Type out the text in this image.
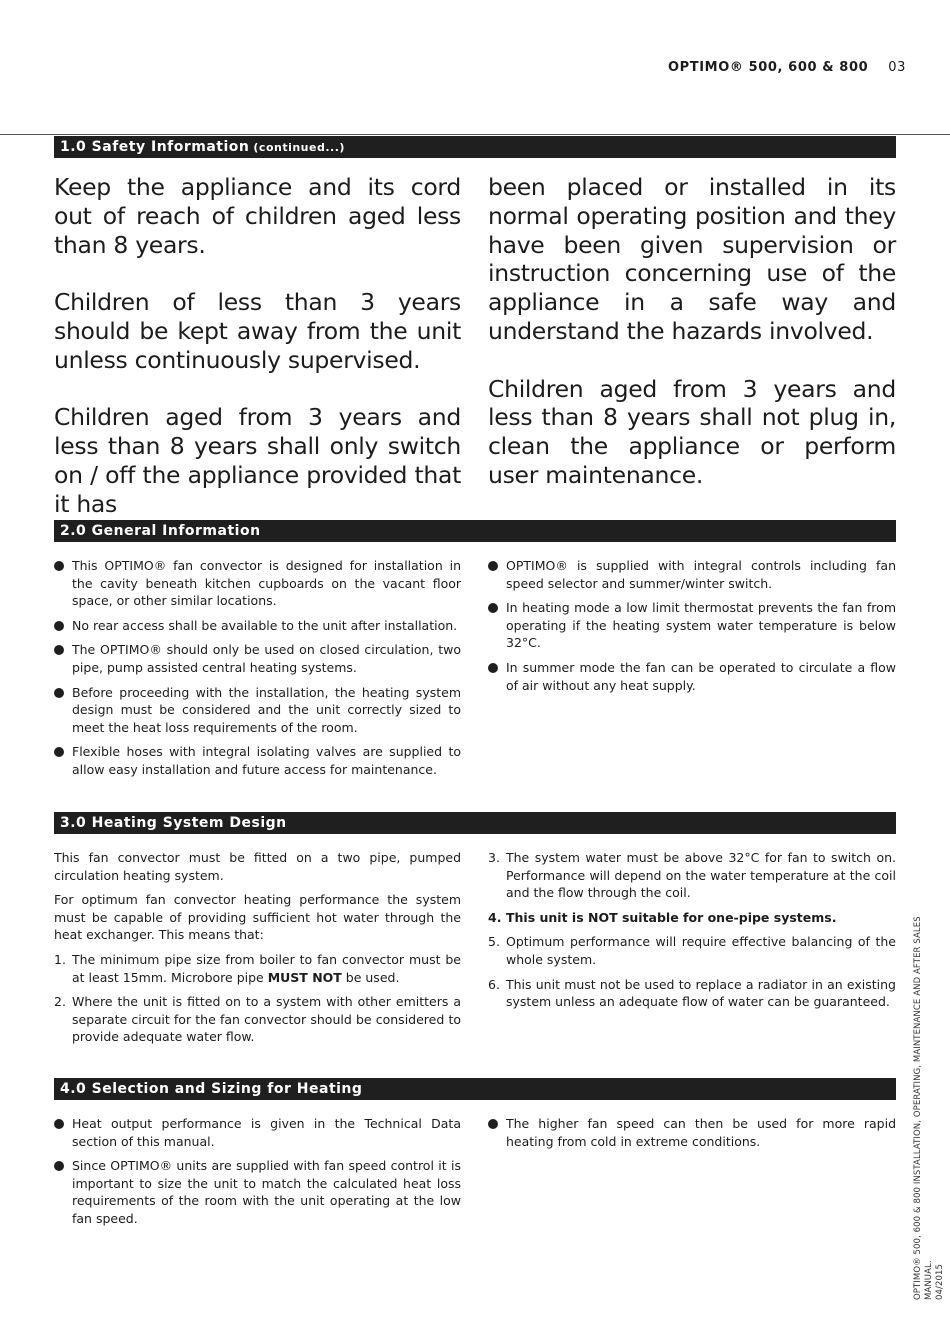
OPTIMO® 500, 600 & 800 03
1.0 Safety Information (continued...)

Keep the appliance and its cord out of reach of children aged less than 8 years.

Children of less than 3 years should be kept away from the unit unless continuously supervised.

Children aged from 3 years and less than 8 years shall only switch on / off the appliance provided that it has

been placed or installed in its normal operating position and they have been given supervision or instruction concerning use of the appliance in a safe way and understand the hazards involved.

Children aged from 3 years and less than 8 years shall not plug in, clean the appliance or perform user maintenance.

2.0 General Information
This OPTIMO® fan convector is designed for installation in the cavity beneath kitchen cupboards on the vacant floor space, or other similar locations.
No rear access shall be available to the unit after installation.
The OPTIMO® should only be used on closed circulation, two pipe, pump assisted central heating systems.
Before proceeding with the installation, the heating system design must be considered and the unit correctly sized to meet the heat loss requirements of the room.
Flexible hoses with integral isolating valves are supplied to allow easy installation and future access for maintenance.
OPTIMO® is supplied with integral controls including fan speed selector and summer/winter switch.
In heating mode a low limit thermostat prevents the fan from operating if the heating system water temperature is below 32°C.
In summer mode the fan can be operated to circulate a flow of air without any heat supply.
3.0 Heating System Design

This fan convector must be fitted on a two pipe, pumped circulation heating system.

For optimum fan convector heating performance the system must be capable of providing sufficient hot water through the heat exchanger. This means that:

1. The minimum pipe size from boiler to fan convector must be at least 15mm. Microbore pipe MUST NOT be used.
2. Where the unit is fitted on to a system with other emitters a separate circuit for the fan convector should be considered to provide adequate water flow.
3. The system water must be above 32°C for fan to switch on. Performance will depend on the water temperature at the coil and the flow through the coil.
4. This unit is NOT suitable for one-pipe systems.
5. Optimum performance will require effective balancing of the whole system.
6. This unit must not be used to replace a radiator in an existing system unless an adequate flow of water can be guaranteed.
4.0 Selection and Sizing for Heating
Heat output performance is given in the Technical Data section of this manual.
Since OPTIMO® units are supplied with fan speed control it is important to size the unit to match the calculated heat loss requirements of the room with the unit operating at the low fan speed.
The higher fan speed can then be used for more rapid heating from cold in extreme conditions.	OPTIMO® 500, 600 & 800 INSTALLATION, OPERATING, MAINTENANCE AND AFTER SALES MANUAL. 04/2015
